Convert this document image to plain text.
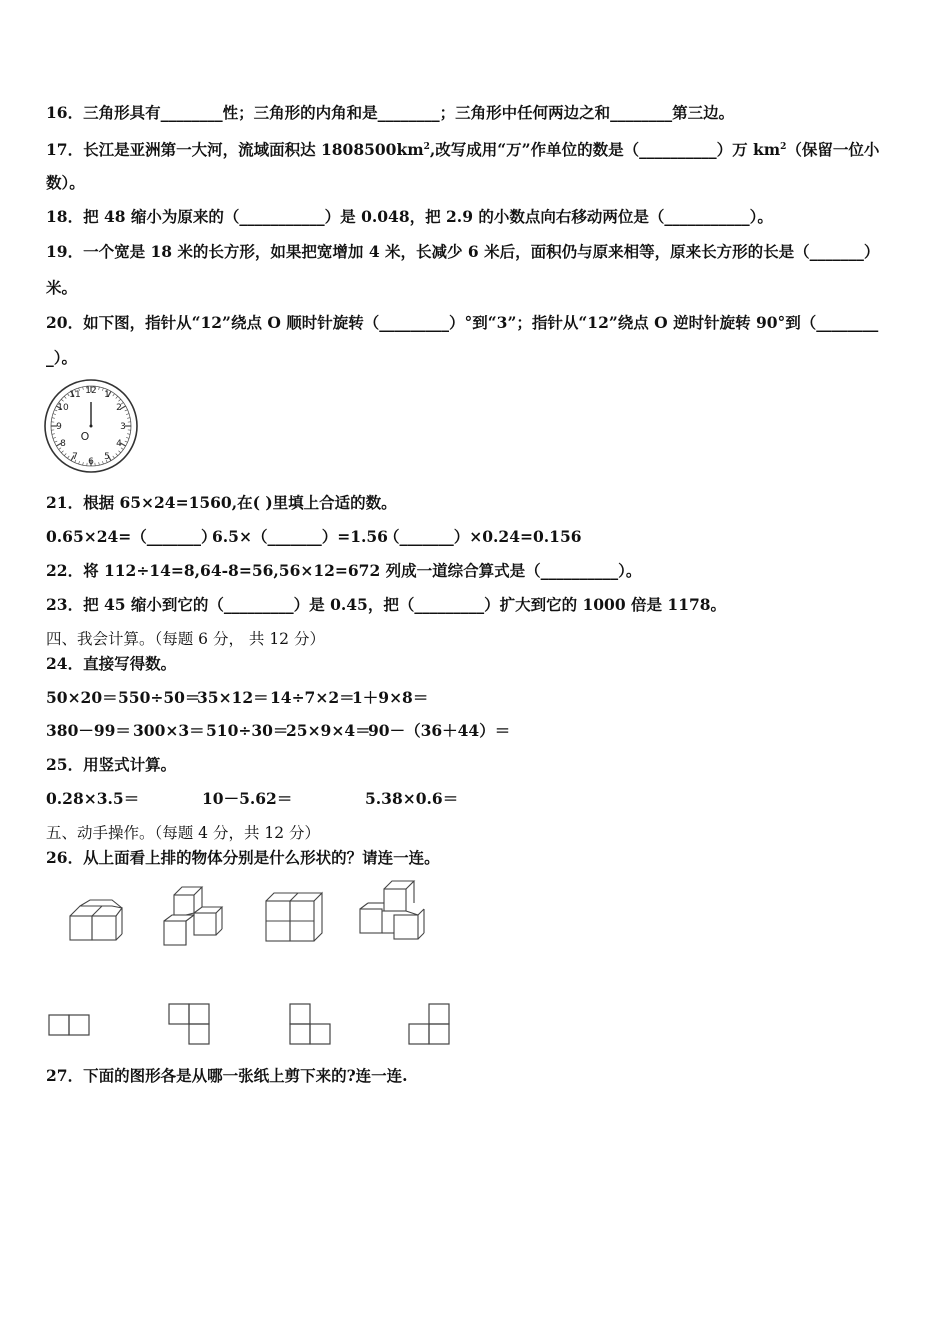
16．三角形具有________性；三角形的内角和是________；三角形中任何两边之和________第三边。
17．长江是亚洲第一大河，流域面积达 $1808500km^2$,改写成用“万”作单位的数是（__________）万 $km^2$（保留一位小
数）。
18．把 48 缩小为原来的（___________）是 0.048，把 2.9 的小数点向右移动两位是（___________）。
19．一个宽是 18 米的长方形，如果把宽增加 4 米，长减少 6 米后，面积仍与原来相等，原来长方形的长是（_______）
米。
20．如下图，指针从“12”绕点 O 顺时针旋转（_________）°到“3”；指针从“12”绕点 O 逆时针旋转 90°到（________
_）。
12 1
2
3
4
5
6
7
8
9
10
11
O
21．根据 65×24=1560,在( )里填上合适的数。
0.65×24=（_______）
6.5×（_______）=1.56
（_______）×0.24=0.156
22．将 112÷14=8,64-8=56,56×12=672 列成一道综合算式是（__________）。
23．把 45 缩小到它的（_________）是 0.45，把（_________）扩大到它的 1000 倍是 1178。
四、我会计算。（每题 6 分， 共 12 分）
24．直接写得数。
50×20＝ 550÷50＝
35×12＝ 14÷7×2＝
1＋9×8＝
380－99＝ 300×3＝ 510÷30＝
25×9×4＝
90－（36＋44）＝
25．用竖式计算。
0.28×3.5＝	10－5.62＝	5.38×0.6＝
五、动手操作。（每题 4 分，共 12 分）
26．从上面看上排的物体分别是什么形状的？请连一连。
27．下面的图形各是从哪一张纸上剪下来的?连一连.
